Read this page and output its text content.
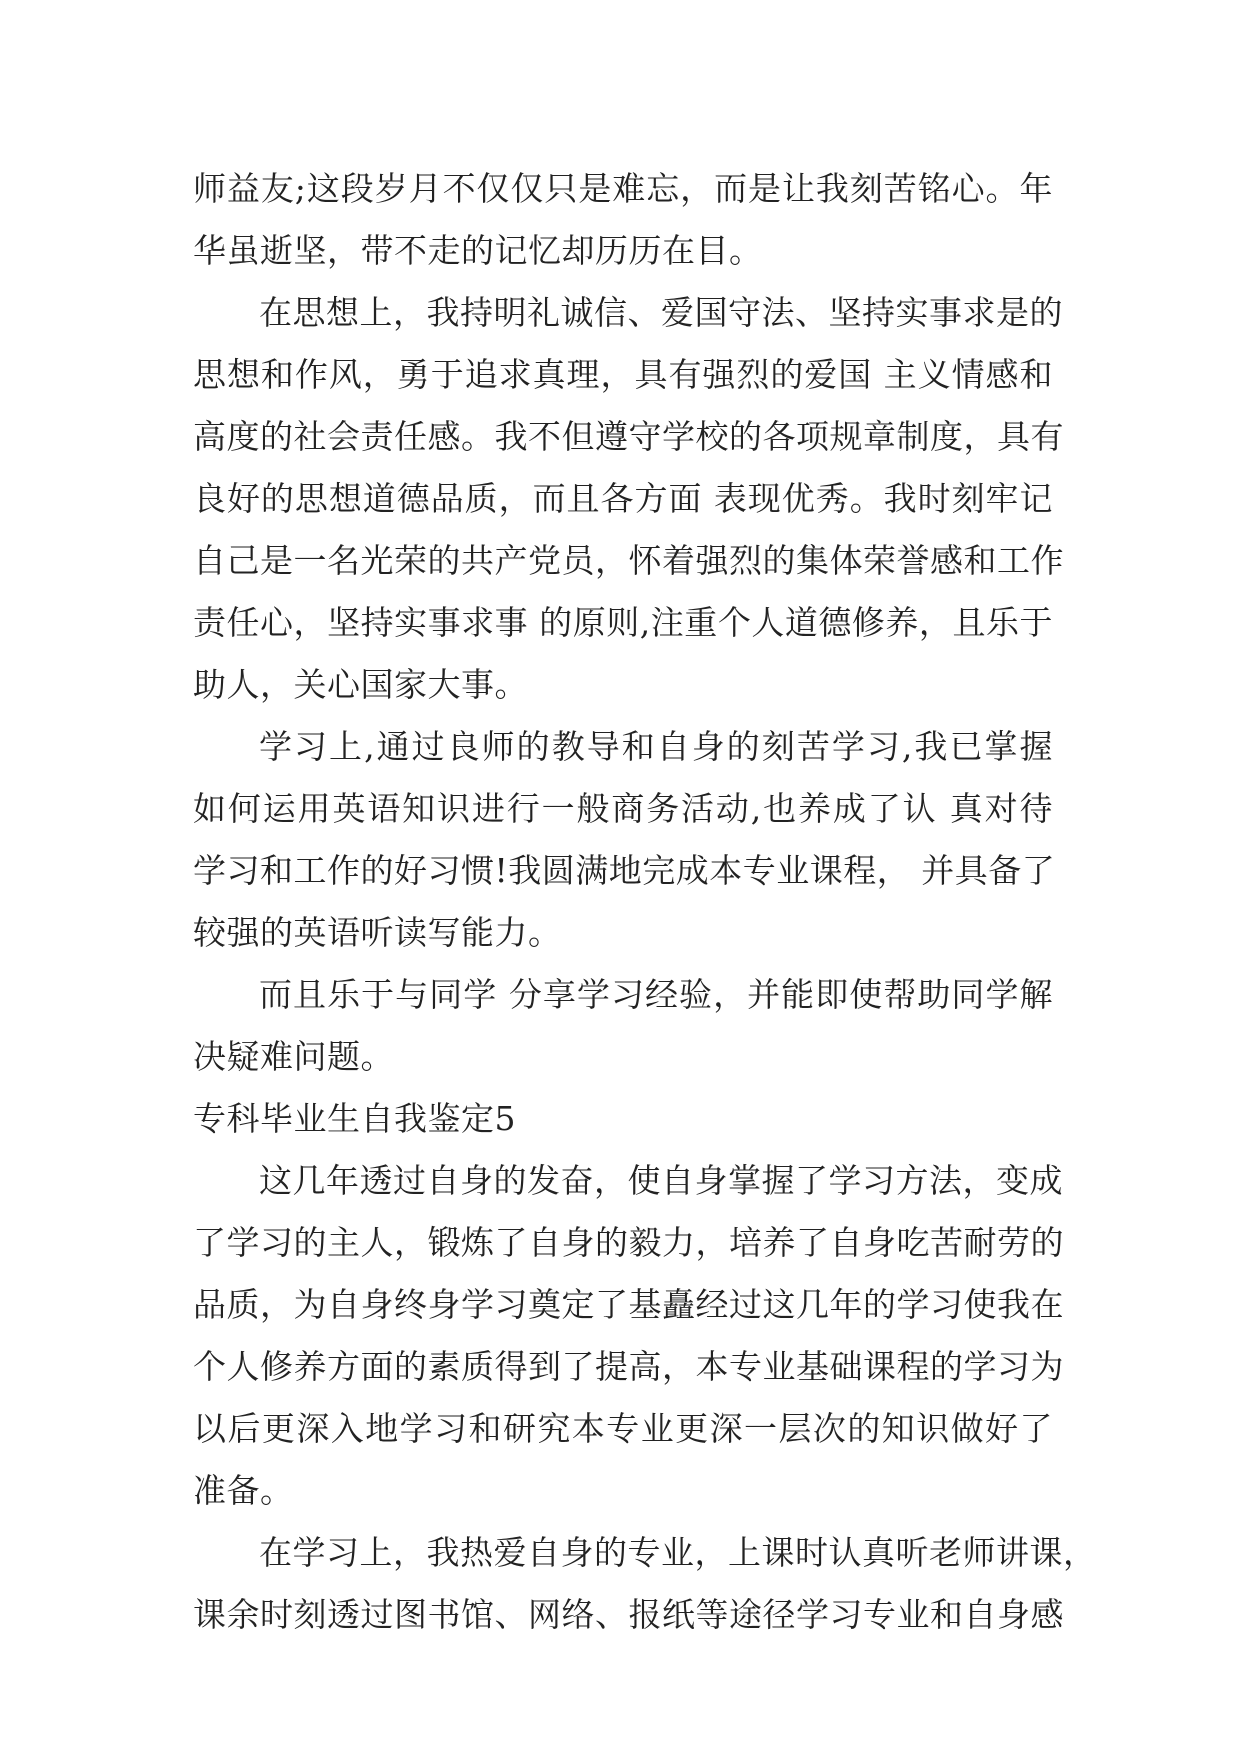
师益友;这段岁月不仅仅只是难忘，而是让我刻苦铭心。年
华虽逝坚，带不走的记忆却历历在目。
在思想上，我持明礼诚信、爱国守法、坚持实事求是的
思想和作风，勇于追求真理，具有强烈的爱国 主义情感和
高度的社会责任感。我不但遵守学校的各项规章制度，具有
良好的思想道德品质，而且各方面 表现优秀。我时刻牢记
自己是一名光荣的共产党员，怀着强烈的集体荣誉感和工作
责任心，坚持实事求事 的原则,注重个人道德修养，且乐于
助人，关心国家大事。
学习上,通过良师的教导和自身的刻苦学习,我已掌握
如何运用英语知识进行一般商务活动,也养成了认 真对待
学习和工作的好习惯!我圆满地完成本专业课程， 并具备了
较强的英语听读写能力。
而且乐于与同学 分享学习经验，并能即使帮助同学解
决疑难问题。
专科毕业生自我鉴定5
这几年透过自身的发奋，使自身掌握了学习方法，变成
了学习的主人，锻炼了自身的毅力，培养了自身吃苦耐劳的
品质，为自身终身学习奠定了基矗经过这几年的学习使我在
个人修养方面的素质得到了提高，本专业基础课程的学习为
以后更深入地学习和研究本专业更深一层次的知识做好了
准备。
在学习上，我热爱自身的专业，上课时认真听老师讲课，
课余时刻透过图书馆、网络、报纸等途径学习专业和自身感
